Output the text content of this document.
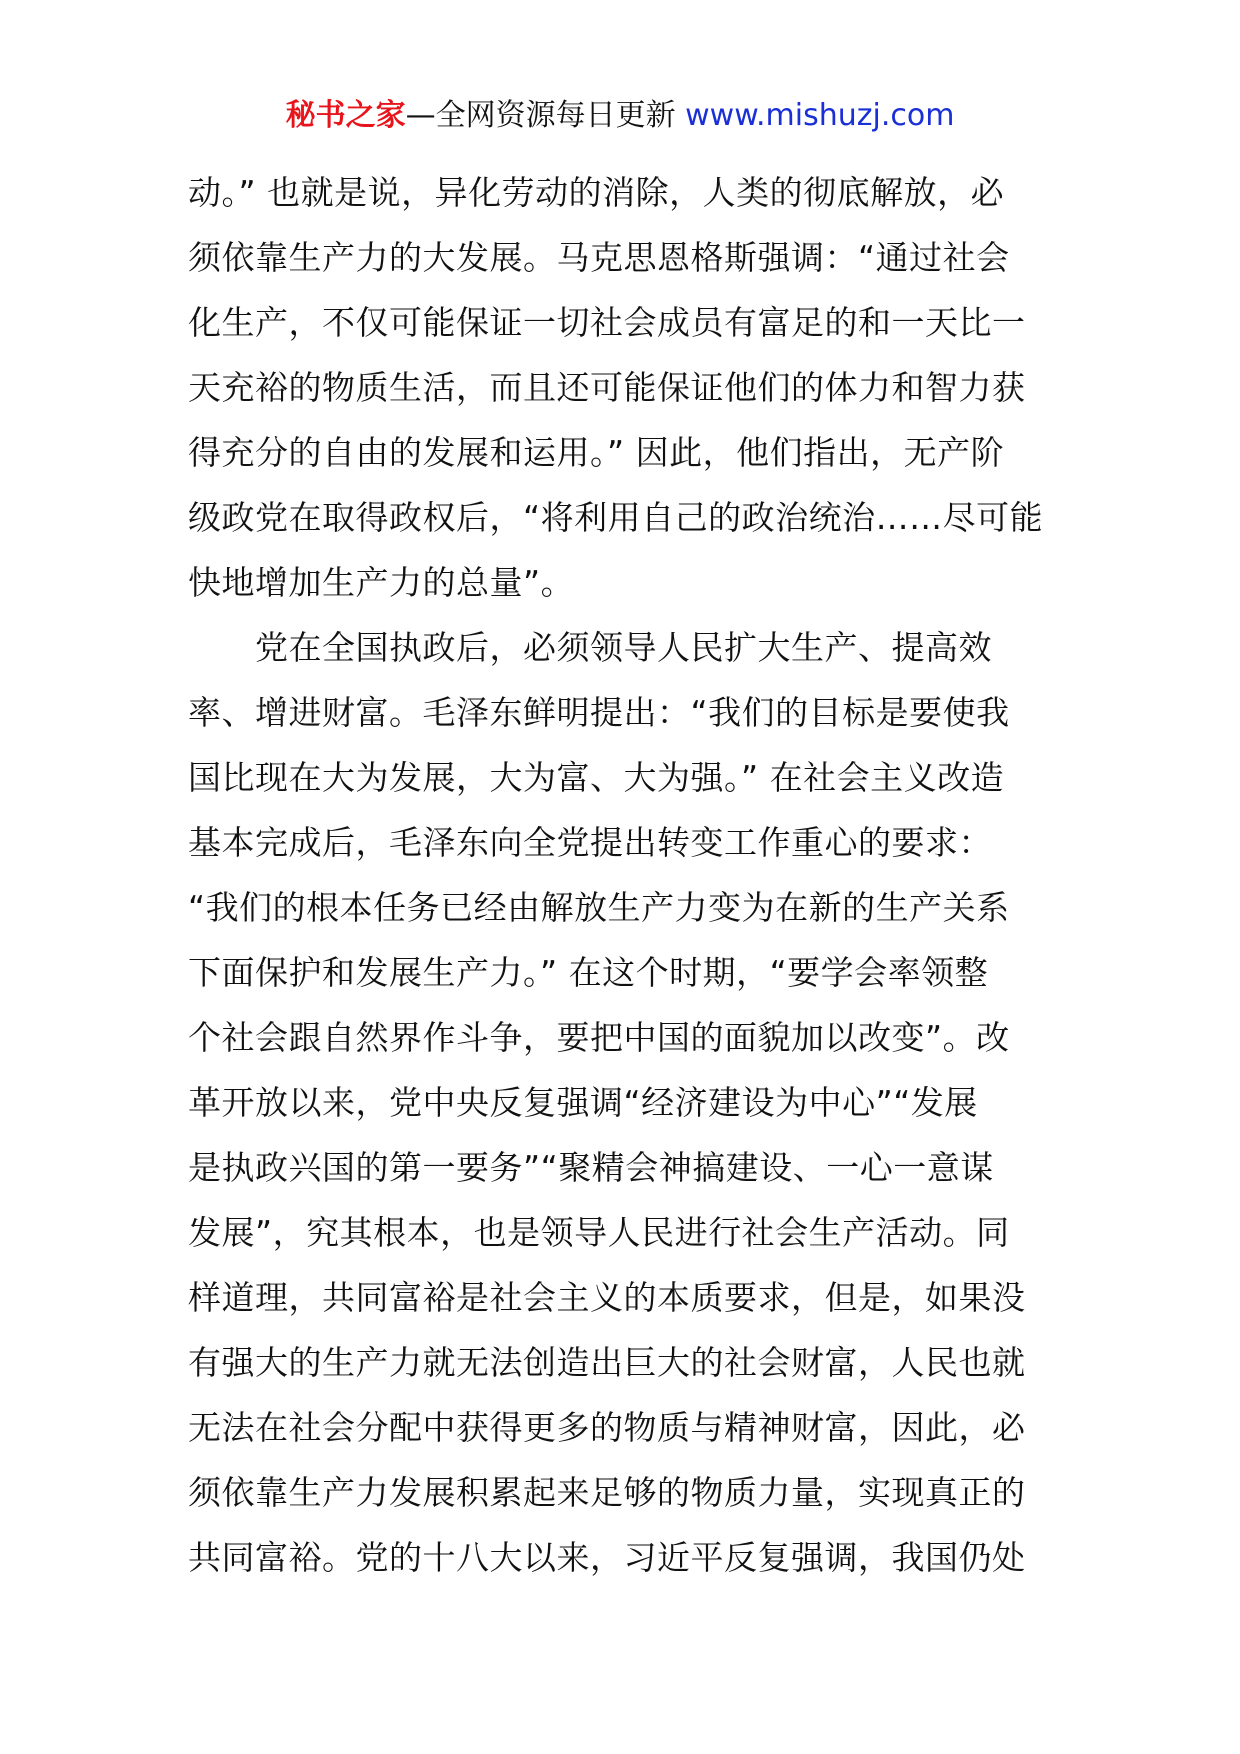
秘书之家—全网资源每日更新 www.mishuzj.com
动。” 也就是说，异化劳动的消除，人类的彻底解放，必
须依靠生产力的大发展。马克思恩格斯强调：“通过社会
化生产，不仅可能保证一切社会成员有富足的和一天比一
天充裕的物质生活，而且还可能保证他们的体力和智力获
得充分的自由的发展和运用。” 因此，他们指出，无产阶
级政党在取得政权后，“将利用自己的政治统治……尽可能
快地增加生产力的总量”。
　　党在全国执政后，必须领导人民扩大生产、提高效
率、增进财富。毛泽东鲜明提出：“我们的目标是要使我
国比现在大为发展，大为富、大为强。” 在社会主义改造
基本完成后，毛泽东向全党提出转变工作重心的要求：
“我们的根本任务已经由解放生产力变为在新的生产关系
下面保护和发展生产力。” 在这个时期，“要学会率领整
个社会跟自然界作斗争，要把中国的面貌加以改变”。改
革开放以来，党中央反复强调“经济建设为中心”“发展
是执政兴国的第一要务”“聚精会神搞建设、一心一意谋
发展”，究其根本，也是领导人民进行社会生产活动。同
样道理，共同富裕是社会主义的本质要求，但是，如果没
有强大的生产力就无法创造出巨大的社会财富，人民也就
无法在社会分配中获得更多的物质与精神财富，因此，必
须依靠生产力发展积累起来足够的物质力量，实现真正的
共同富裕。党的十八大以来，习近平反复强调，我国仍处
